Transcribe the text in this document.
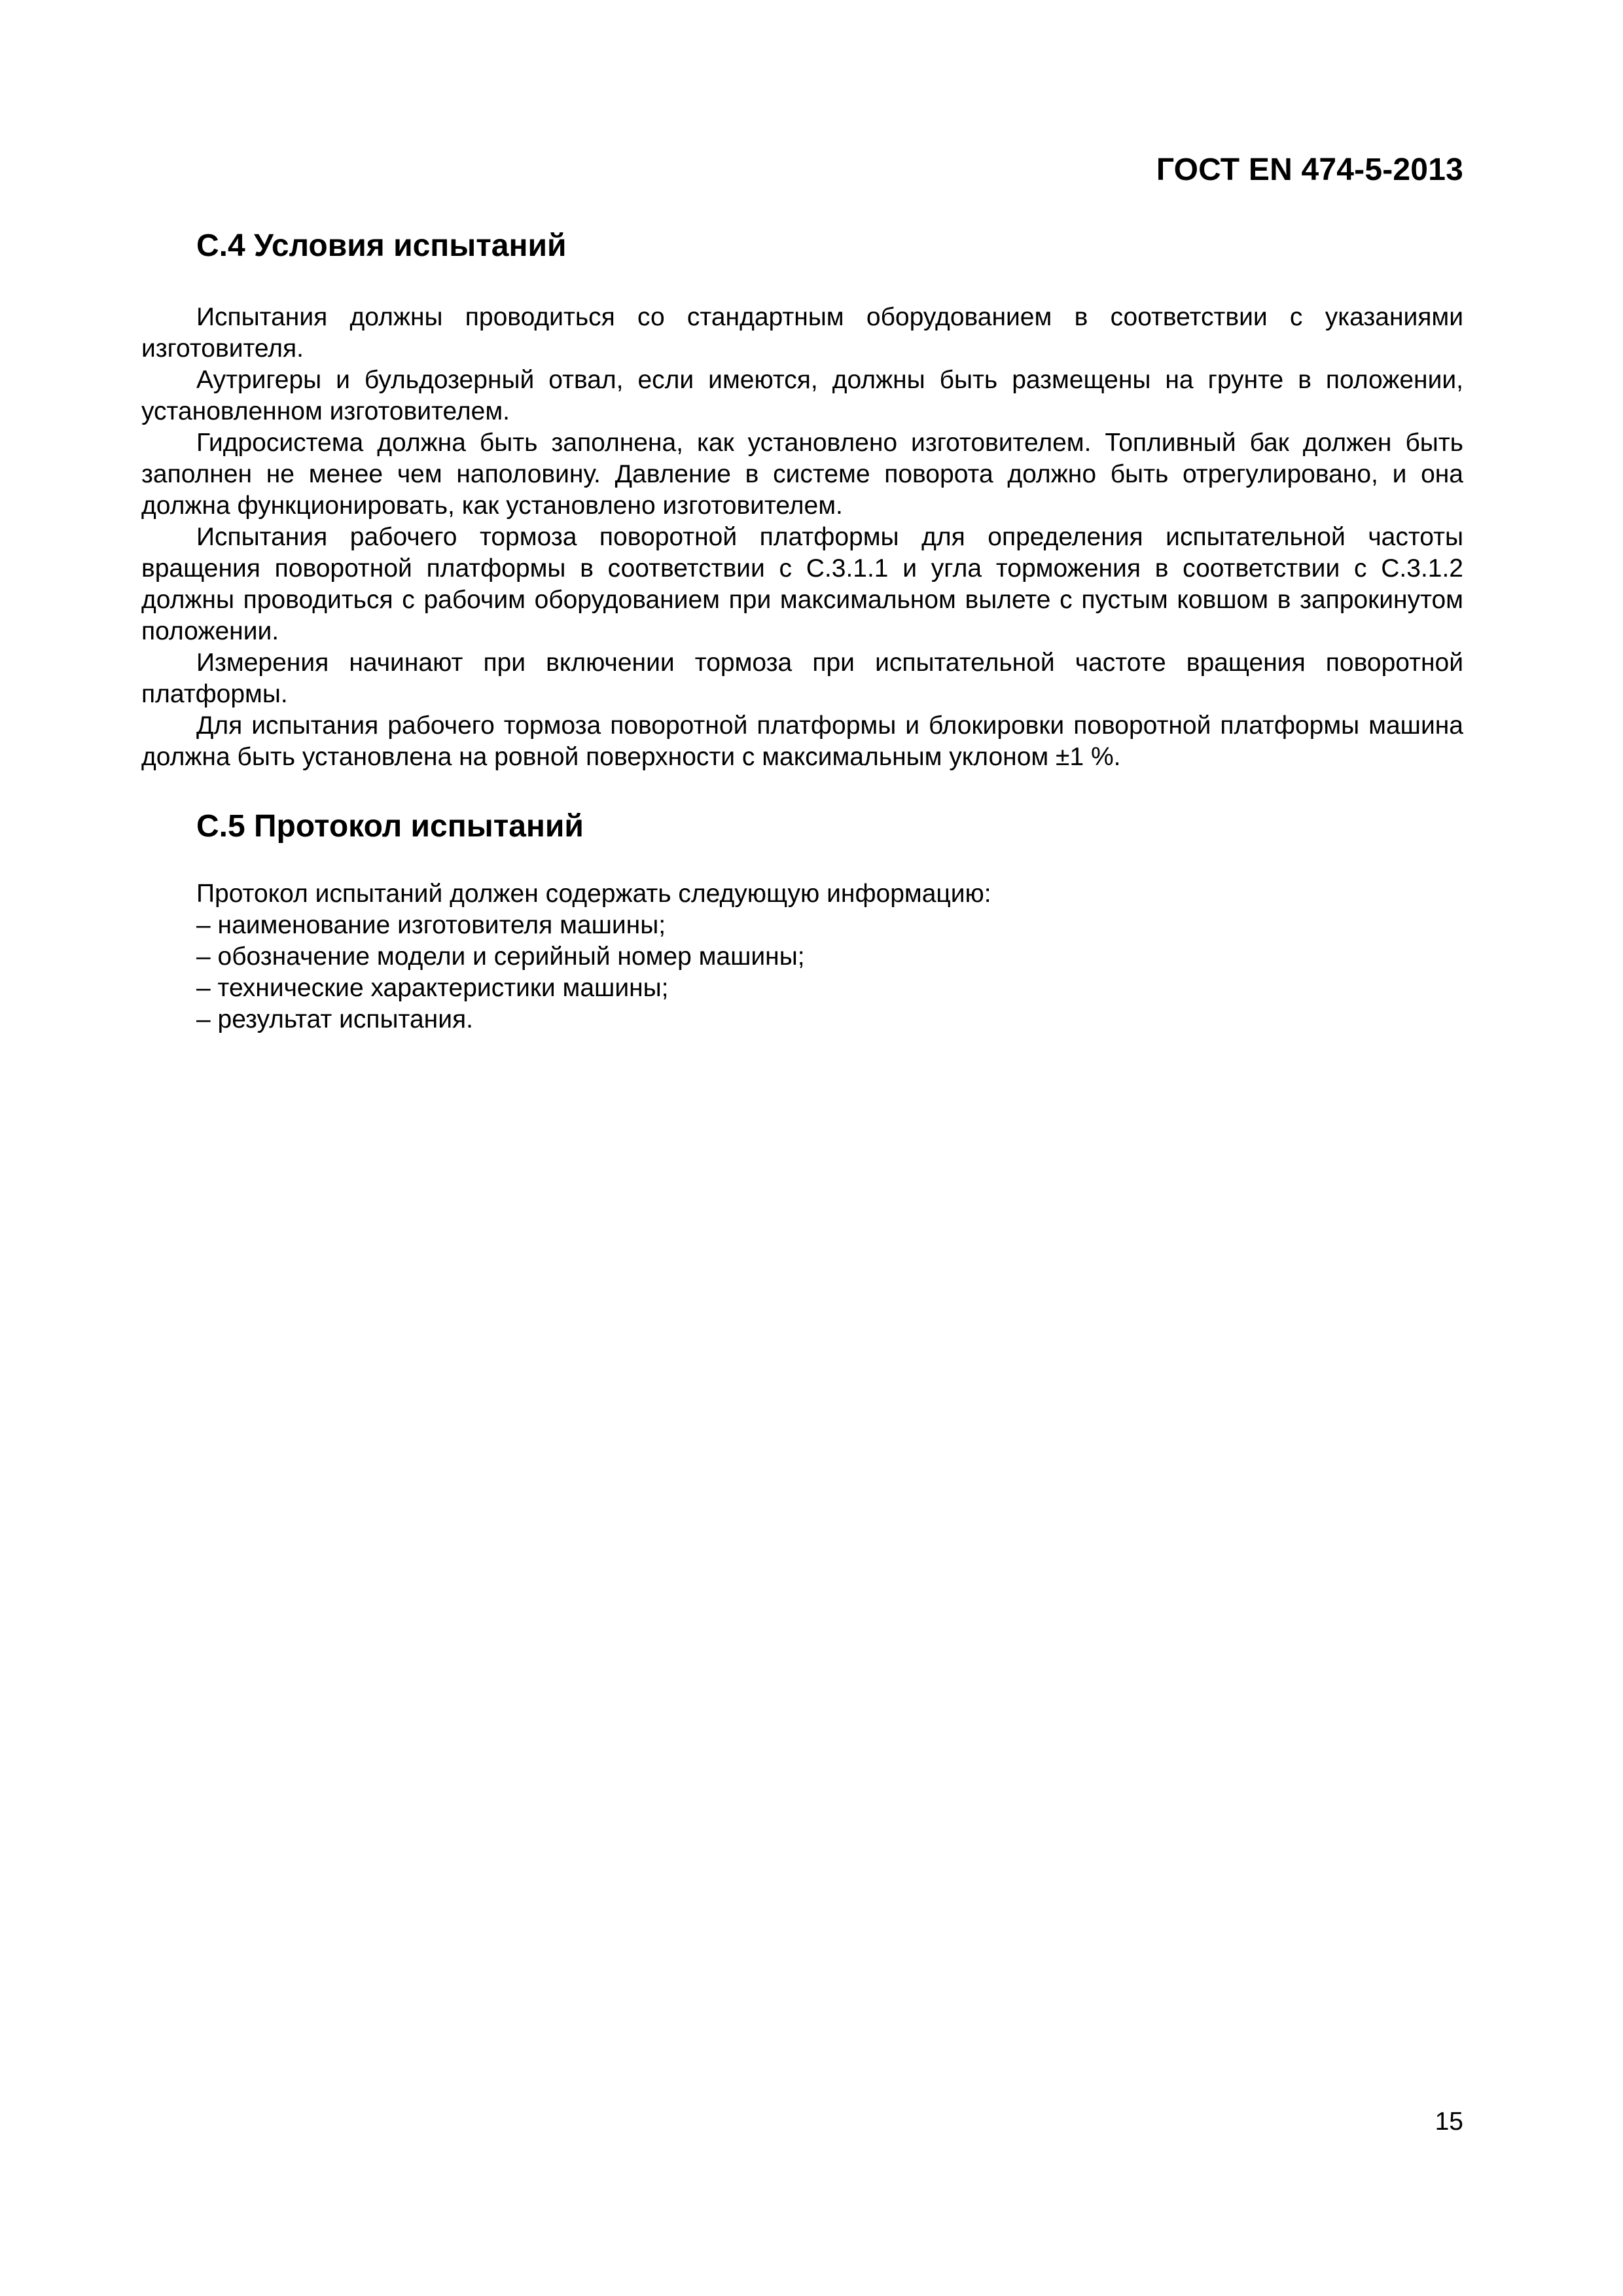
ГОСТ EN 474-5-2013
С.4 Условия испытаний

Испытания должны проводиться со стандартным оборудованием в соответствии с указаниями изготовителя.

Аутригеры и бульдозерный отвал, если имеются, должны быть размещены на грунте в положении, установленном изготовителем.

Гидросистема должна быть заполнена, как установлено изготовителем. Топливный бак должен быть заполнен не менее чем наполовину. Давление в системе поворота должно быть отрегулировано, и она должна функционировать, как установлено изготовителем.

Испытания рабочего тормоза поворотной платформы для определения испытательной частоты вращения поворотной платформы в соответствии с С.3.1.1 и угла торможения в соответствии с С.3.1.2 должны проводиться с рабочим оборудованием при максимальном вылете с пустым ковшом в запрокинутом положении.

Измерения начинают при включении тормоза при испытательной частоте вращения поворотной платформы.

Для испытания рабочего тормоза поворотной платформы и блокировки поворотной платформы машина должна быть установлена на ровной поверхности с максимальным уклоном ±1 %.

С.5 Протокол испытаний

Протокол испытаний должен содержать следующую информацию:

– наименование изготовителя машины;
– обозначение модели и серийный номер машины;
– технические характеристики машины;
– результат испытания.
15
